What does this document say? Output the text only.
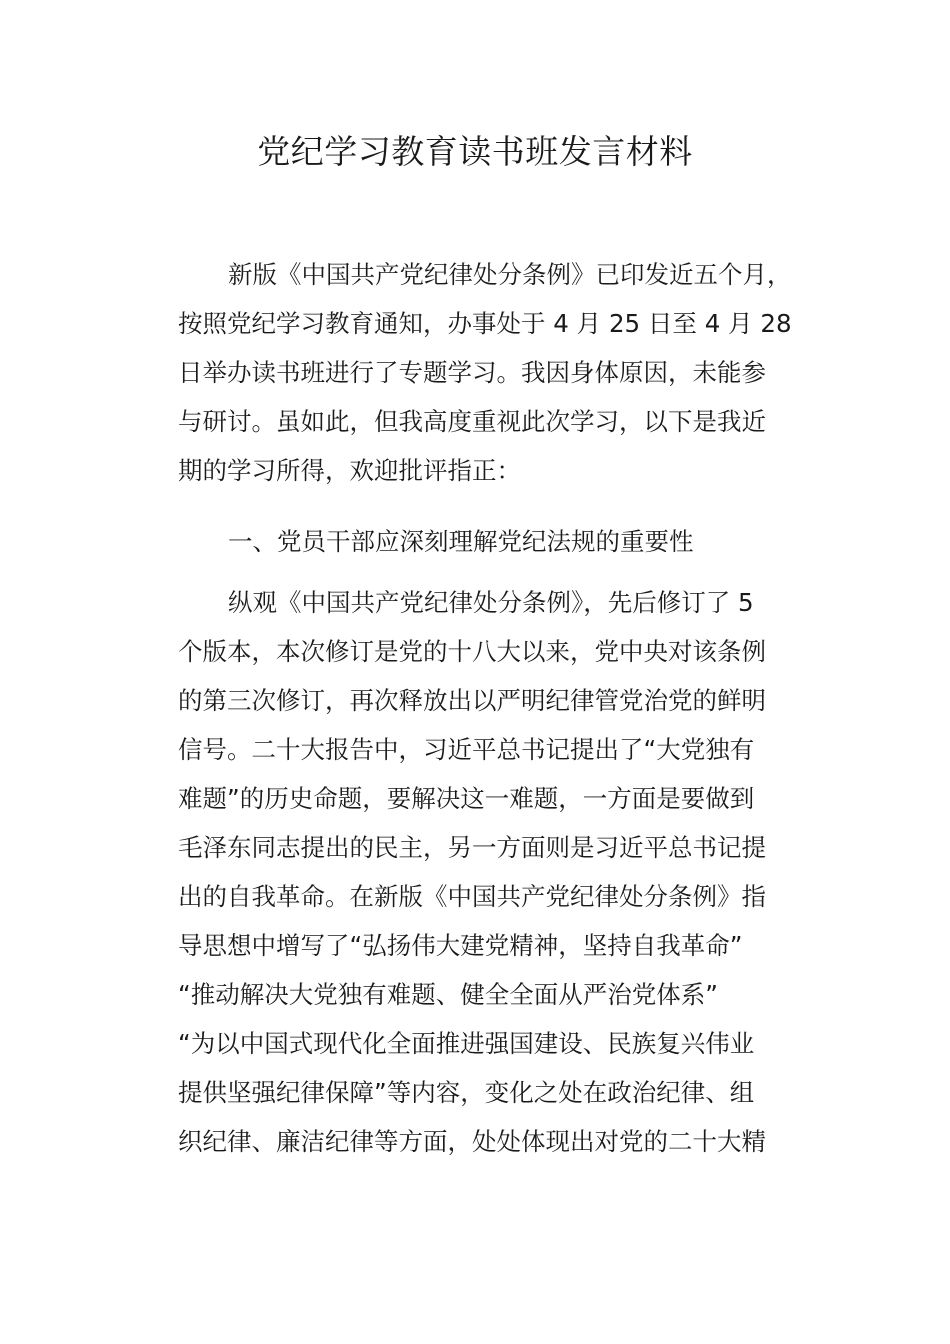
党纪学习教育读书班发言材料
新版《中国共产党纪律处分条例》已印发近五个月，
按照党纪学习教育通知，办事处于 4 月 25 日至 4 月 28
日举办读书班进行了专题学习。我因身体原因，未能参
与研讨。虽如此，但我高度重视此次学习，以下是我近
期的学习所得，欢迎批评指正：
一、党员干部应深刻理解党纪法规的重要性
纵观《中国共产党纪律处分条例》，先后修订了 5
个版本，本次修订是党的十八大以来，党中央对该条例
的第三次修订，再次释放出以严明纪律管党治党的鲜明
信号。二十大报告中，习近平总书记提出了“大党独有
难题”的历史命题，要解决这一难题，一方面是要做到
毛泽东同志提出的民主，另一方面则是习近平总书记提
出的自我革命。在新版《中国共产党纪律处分条例》指
导思想中增写了“弘扬伟大建党精神，坚持自我革命”
“推动解决大党独有难题、健全全面从严治党体系”
“为以中国式现代化全面推进强国建设、民族复兴伟业
提供坚强纪律保障”等内容，变化之处在政治纪律、组
织纪律、廉洁纪律等方面，处处体现出对党的二十大精
